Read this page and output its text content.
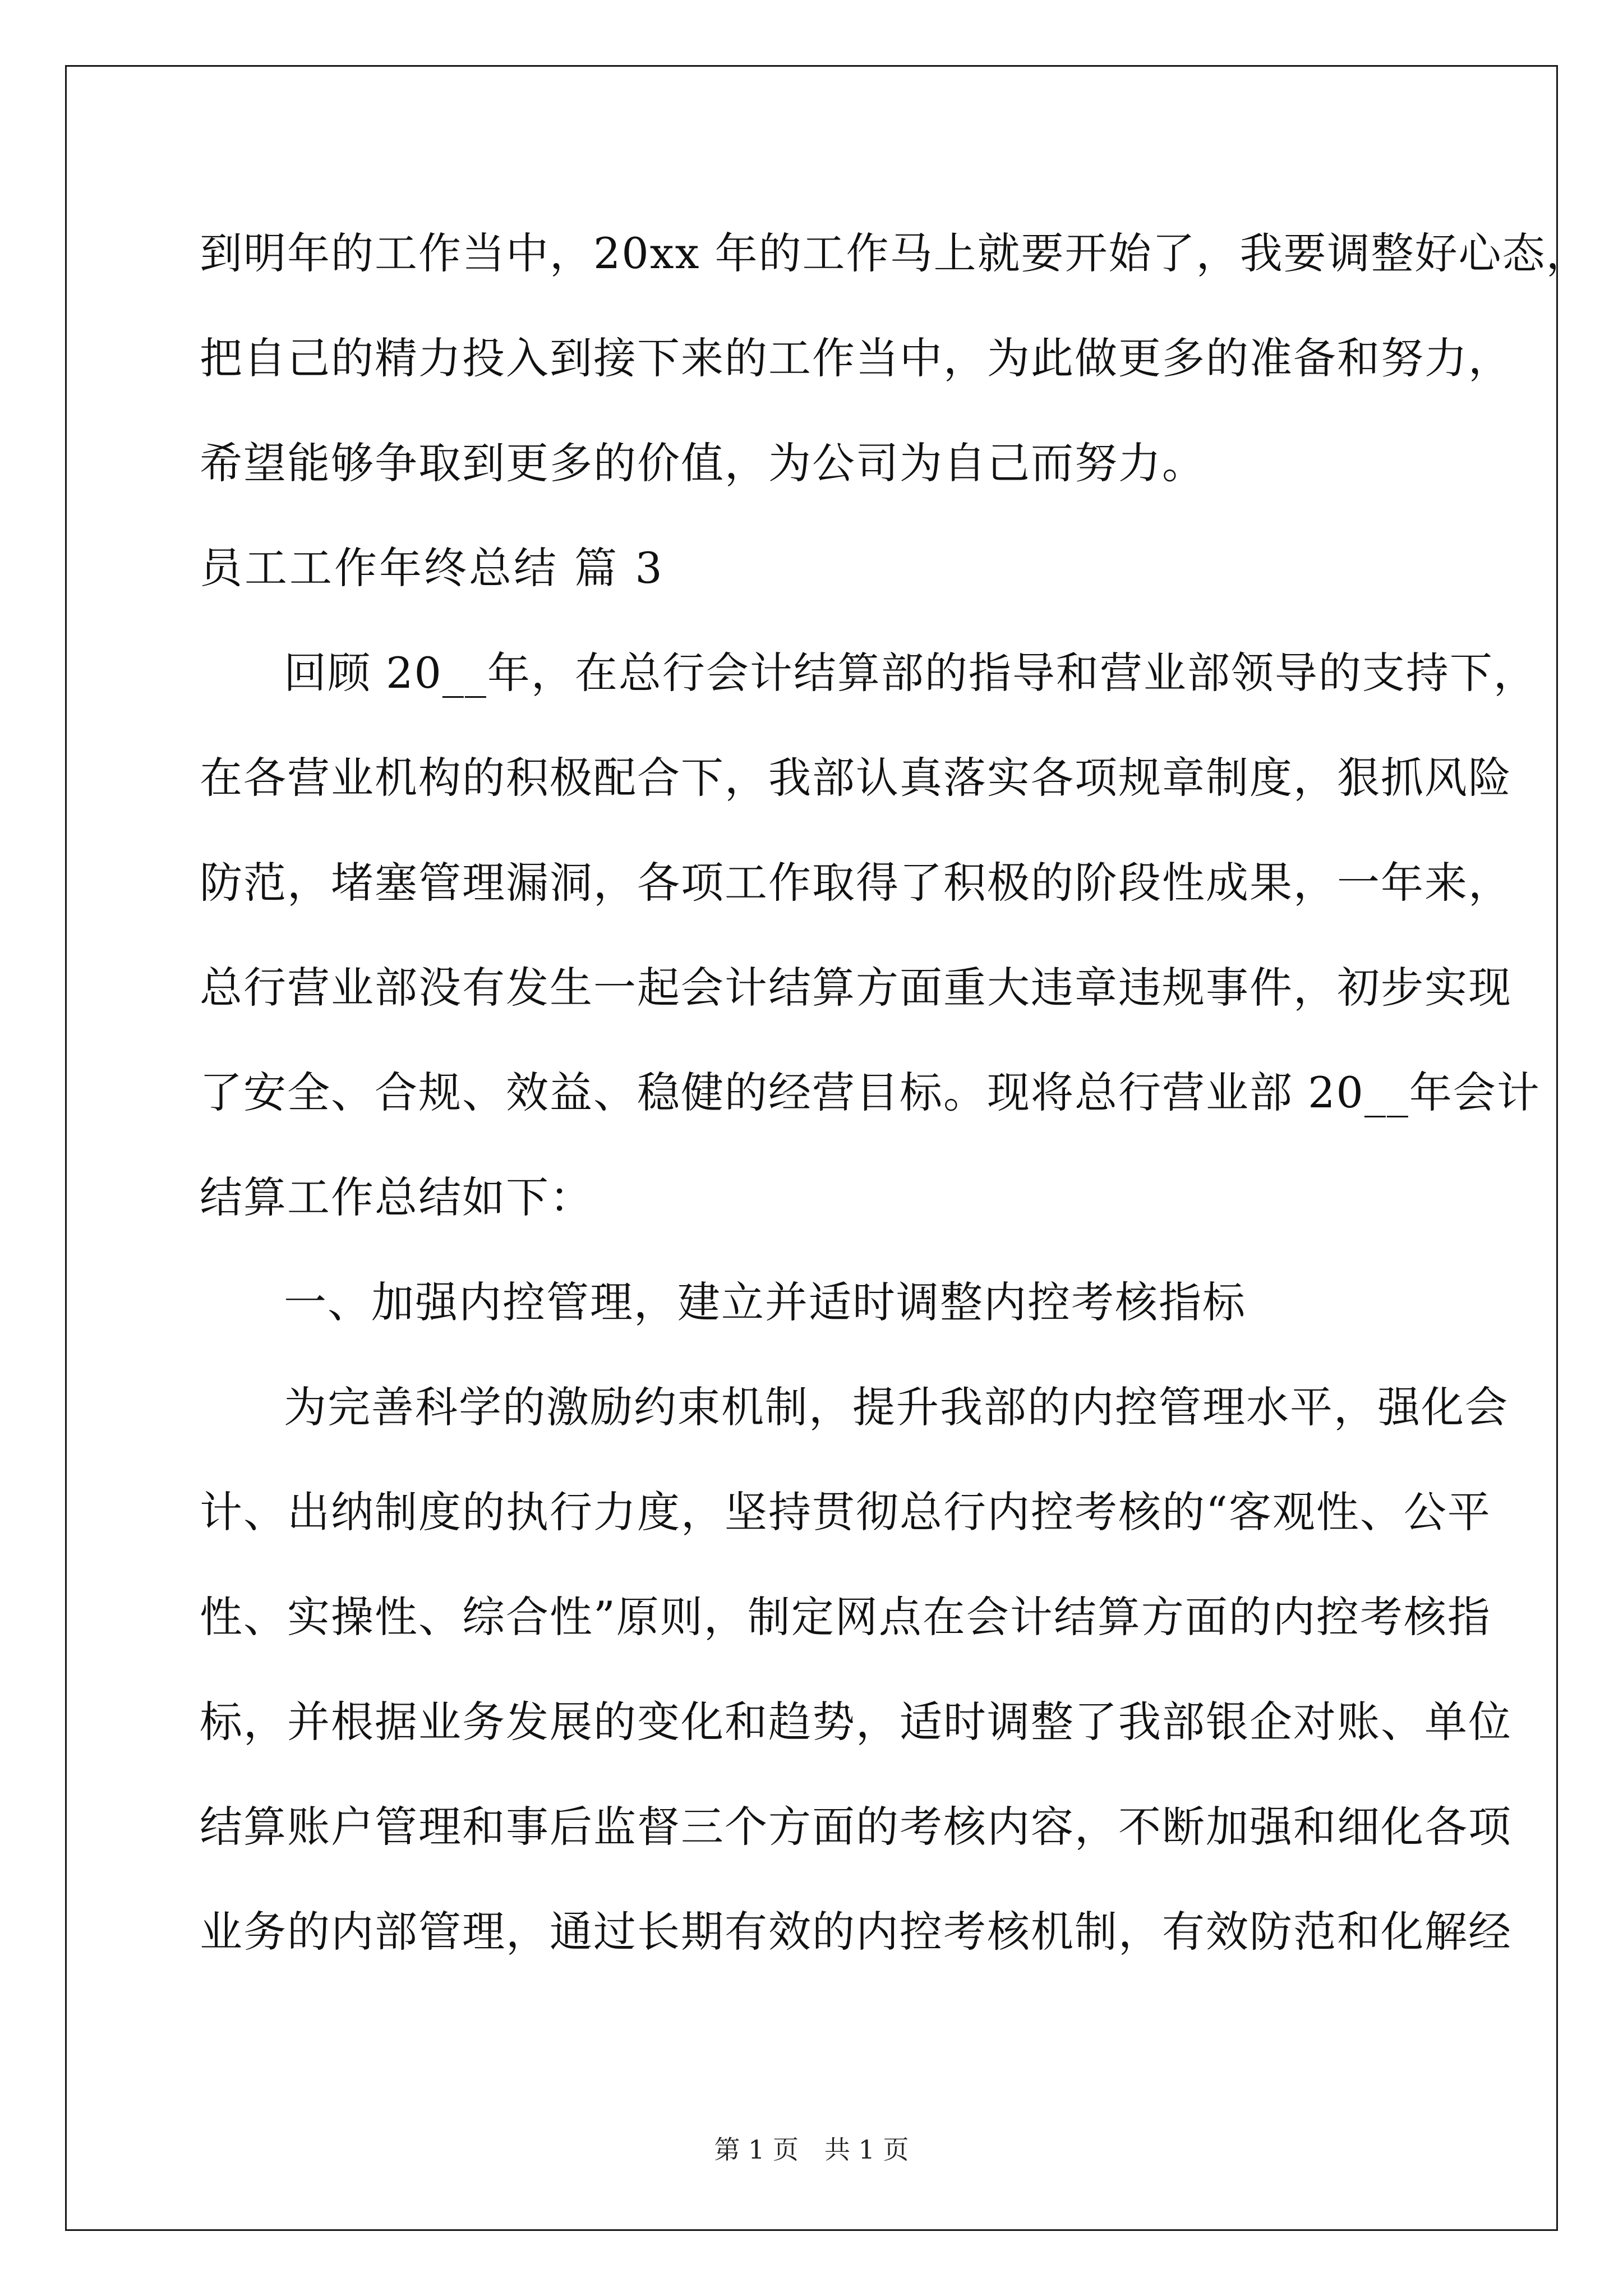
到明年的工作当中，20xx 年的工作马上就要开始了，我要调整好心态，
把自己的精力投入到接下来的工作当中，为此做更多的准备和努力，
希望能够争取到更多的价值，为公司为自己而努力。
员工工作年终总结 篇 3
回顾 20__年，在总行会计结算部的指导和营业部领导的支持下，
在各营业机构的积极配合下，我部认真落实各项规章制度，狠抓风险
防范，堵塞管理漏洞，各项工作取得了积极的阶段性成果，一年来，
总行营业部没有发生一起会计结算方面重大违章违规事件，初步实现
了安全、合规、效益、稳健的经营目标。现将总行营业部 20__年会计
结算工作总结如下：
一、加强内控管理，建立并适时调整内控考核指标
为完善科学的激励约束机制，提升我部的内控管理水平，强化会
计、出纳制度的执行力度，坚持贯彻总行内控考核的“客观性、公平
性、实操性、综合性”原则，制定网点在会计结算方面的内控考核指
标，并根据业务发展的变化和趋势，适时调整了我部银企对账、单位
结算账户管理和事后监督三个方面的考核内容，不断加强和细化各项
业务的内部管理，通过长期有效的内控考核机制，有效防范和化解经
第 1 页　共 1 页
